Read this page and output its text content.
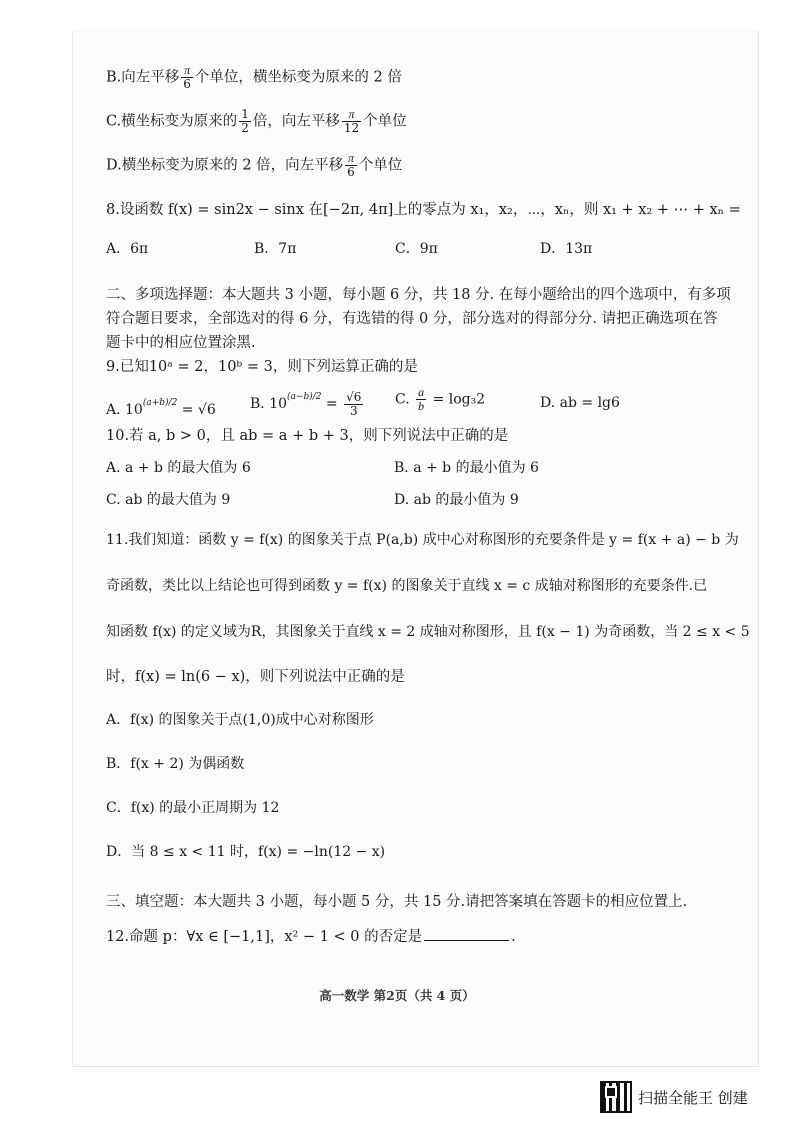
B.向左平移 $\frac{\pi}{6}$ 个单位，横坐标变为原来的 2 倍
C.横坐标变为原来的 $\frac{1}{2}$ 倍，向左平移 $\frac{\pi}{12}$ 个单位
D.横坐标变为原来的 2 倍，向左平移 $\frac{\pi}{6}$ 个单位
8.设函数 f(x) = sin2x − sinx 在[−2π, 4π]上的零点为 x₁，x₂，⋯，xₙ，则 x₁ + x₂ + ⋯ + xₙ =
A．6π	B．7π	C．9π	D．13π
二、多项选择题：本大题共 3 小题，每小题 6 分，共 18 分. 在每小题给出的四个选项中，有多项
符合题目要求，全部选对的得 6 分，有选错的得 0 分，部分选对的得部分分. 请把正确选项在答
题卡中的相应位置涂黑.
9.已知10ᵃ = 2，10ᵇ = 3，则下列运算正确的是
A. $10^{(a+b)/2} = √6$ B. $10^{(a-b)/2} = \frac{√6}{3} C$. $\frac{a}{b} = \log_32$	D. ab = lg6
10.若 a, b > 0，且 ab = a + b + 3，则下列说法中正确的是
A. a + b 的最大值为 6	B. a + b 的最小值为 6
C. ab 的最大值为 9	D. ab 的最小值为 9
11.我们知道：函数 y = f(x) 的图象关于点 P(a,b) 成中心对称图形的充要条件是 y = f(x + a) − b 为
奇函数，类比以上结论也可得到函数 y = f(x) 的图象关于直线 x = c 成轴对称图形的充要条件.已
知函数 f(x) 的定义域为R，其图象关于直线 x = 2 成轴对称图形，且 f(x − 1) 为奇函数，当 2 ≤ x < 5
时，f(x) = ln(6 − x)，则下列说法中正确的是
A．f(x) 的图象关于点(1,0)成中心对称图形
B．f(x + 2) 为偶函数
C．f(x) 的最小正周期为 12
D．当 8 ≤ x < 11 时，f(x) = −ln(12 − x)
三、填空题：本大题共 3 小题，每小题 5 分，共 15 分.请把答案填在答题卡的相应位置上.
12.命题 p：∀x ∈ [−1,1]，x² − 1 < 0 的否定是	.
高一数学 第2页（共 4 页）
扫描全能王 创建
